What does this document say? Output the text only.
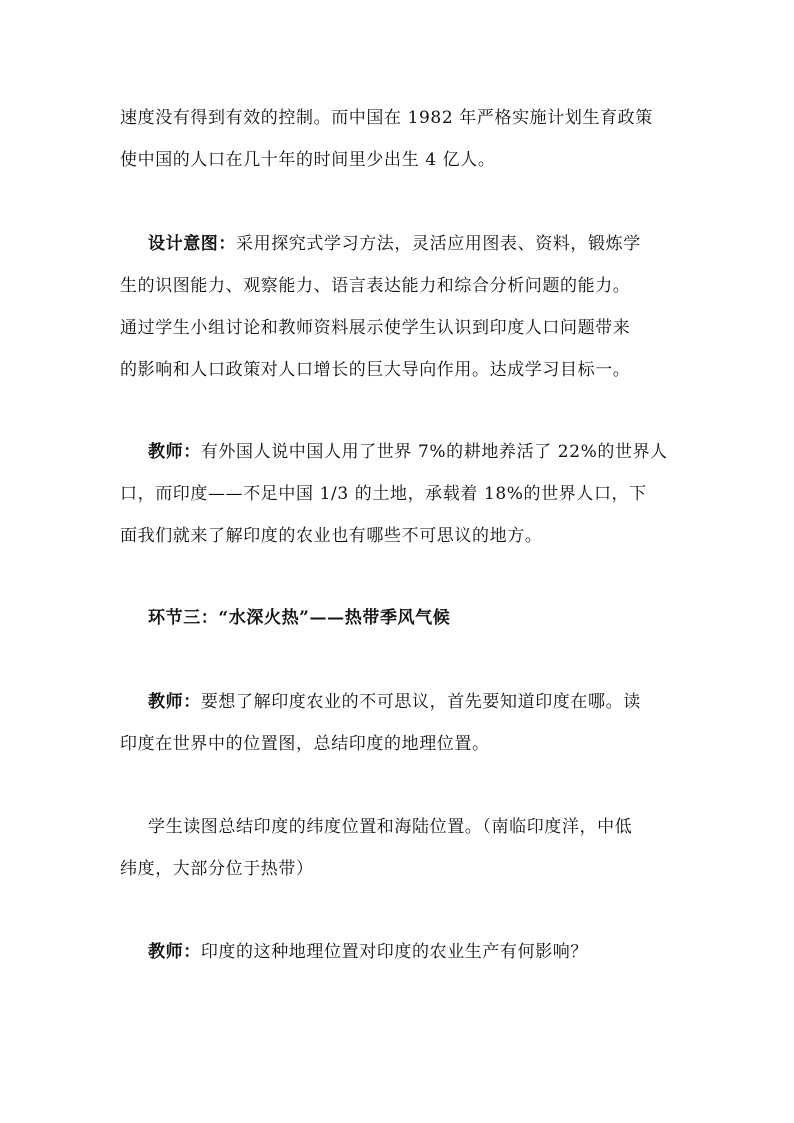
速度没有得到有效的控制。而中国在 1982 年严格实施计划生育政策
使中国的人口在几十年的时间里少出生 4 亿人。
设计意图：采用探究式学习方法，灵活应用图表、资料，锻炼学
生的识图能力、观察能力、语言表达能力和综合分析问题的能力。
通过学生小组讨论和教师资料展示使学生认识到印度人口问题带来
的影响和人口政策对人口增长的巨大导向作用。达成学习目标一。
教师：有外国人说中国人用了世界 7%的耕地养活了 22%的世界人
口，而印度——不足中国 1/3 的土地，承载着 18%的世界人口，下
面我们就来了解印度的农业也有哪些不可思议的地方。
环节三：“水深火热”——热带季风气候
教师：要想了解印度农业的不可思议，首先要知道印度在哪。读
印度在世界中的位置图，总结印度的地理位置。
学生读图总结印度的纬度位置和海陆位置。（南临印度洋，中低
纬度，大部分位于热带）
教师：印度的这种地理位置对印度的农业生产有何影响？
